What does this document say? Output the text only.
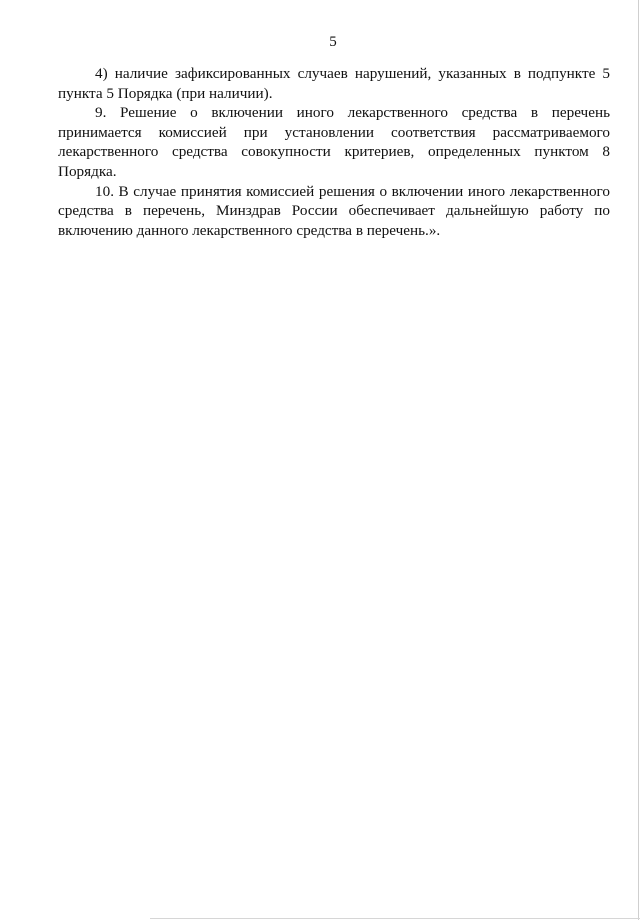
5

4) наличие зафиксированных случаев нарушений, указанных в подпункте 5 пункта 5 Порядка (при наличии).

9. Решение о включении иного лекарственного средства в перечень принимается комиссией при установлении соответствия рассматриваемого лекарственного средства совокупности критериев, определенных пунктом 8 Порядка.

10. В случае принятия комиссией решения о включении иного лекарственного средства в перечень, Минздрав России обеспечивает дальнейшую работу по включению данного лекарственного средства в перечень.».
